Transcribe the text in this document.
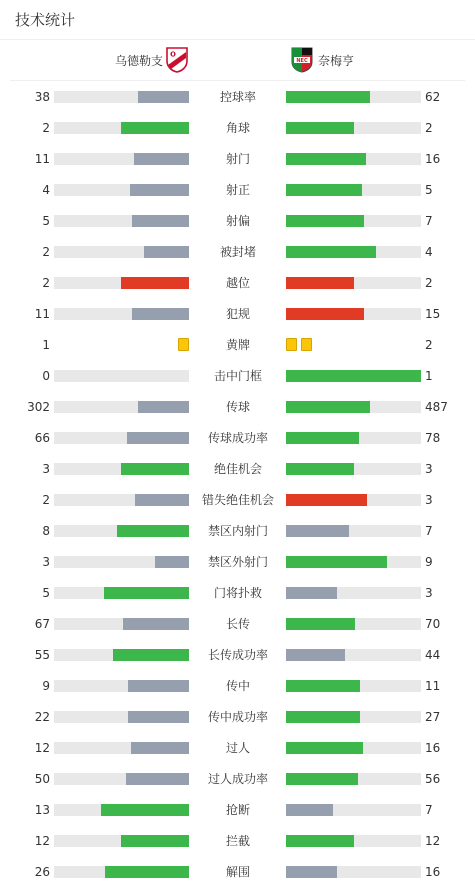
技术统计
乌德勒支	NEC 奈梅亨
38	控球率	62
2	角球	2
11	射门	16
4	射正	5
5	射偏	7
2	被封堵	4
2	越位	2
11	犯规	15
1	黄牌	2
0	击中门框	1
302	传球	487
66	传球成功率	78
3	绝佳机会	3
2	错失绝佳机会	3
8	禁区内射门	7
3	禁区外射门	9
5	门将扑救	3
67	长传	70
55	长传成功率	44
9	传中	11
22	传中成功率	27
12	过人	16
50	过人成功率	56
13	抢断	7
12	拦截	12
26	解围	16
